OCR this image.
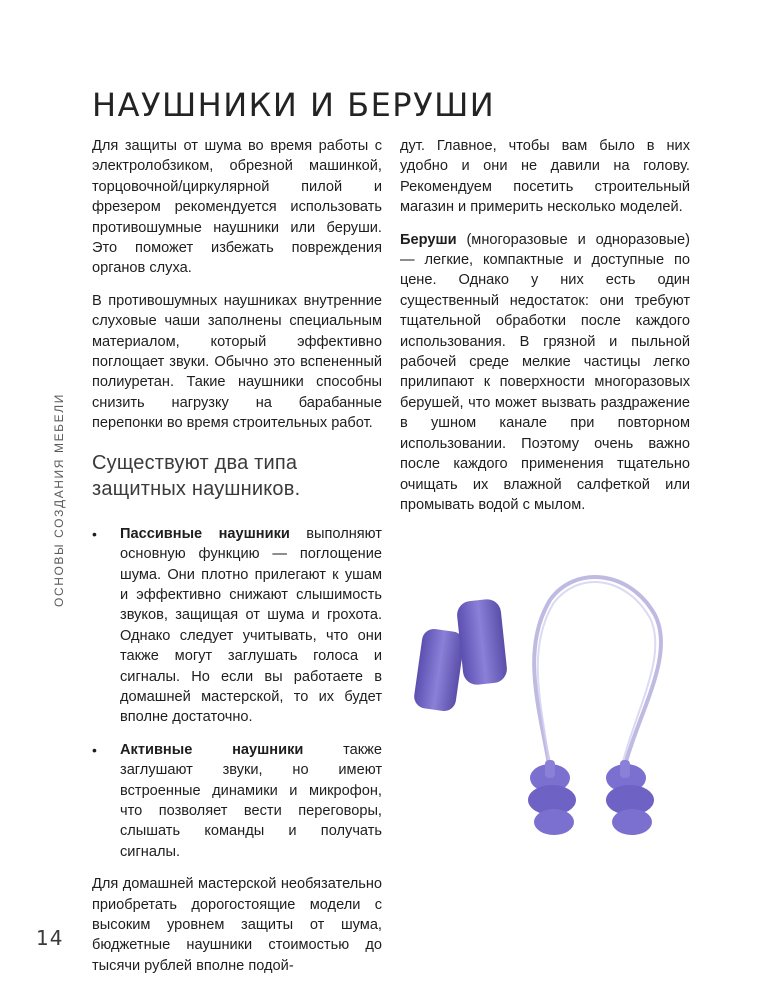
НАУШНИКИ И БЕРУШИ
ОСНОВЫ СОЗДАНИЯ МЕБЕЛИ

Для защиты от шума во время работы с электролобзиком, обрезной машинкой, торцовочной/циркулярной пилой и фрезером рекомендуется использовать противошумные наушники или беруши. Это поможет избежать повреждения органов слуха.

В противошумных наушниках внутренние слуховые чаши заполнены специальным материалом, который эффективно поглощает звуки. Обычно это вспененный полиуретан. Такие наушники способны снизить нагрузку на барабанные перепонки во время строительных работ.

Существуют два типа защитных наушников.
•	Пассивные наушники выполняют основную функцию — поглощение шума. Они плотно прилегают к ушам и эффективно снижают слышимость звуков, защищая от шума и грохота. Однако следует учитывать, что они также могут заглушать голоса и сигналы. Но если вы работаете в домашней мастерской, то их будет вполне достаточно.

•	Активные наушники также заглушают звуки, но имеют встроенные динамики и микрофон, что позволяет вести переговоры, слышать команды и получать сигналы.

Для домашней мастерской необязательно приобретать дорогостоящие модели с высоким уровнем защиты от шума, бюджетные наушники стоимостью до тысячи рублей вполне подой-

дут. Главное, чтобы вам было в них удобно и они не давили на голову. Рекомендуем посетить строительный магазин и примерить несколько моделей.

Беруши (многоразовые и одноразовые) — легкие, компактные и доступные по цене. Однако у них есть один существенный недостаток: они требуют тщательной обработки после каждого использования. В грязной и пыльной рабочей среде мелкие частицы легко прилипают к поверхности многоразовых берушей, что может вызвать раздражение в ушном канале при повторном использовании. Поэтому очень важно после каждого применения тщательно очищать их влажной салфеткой или промывать водой с мылом.

14
